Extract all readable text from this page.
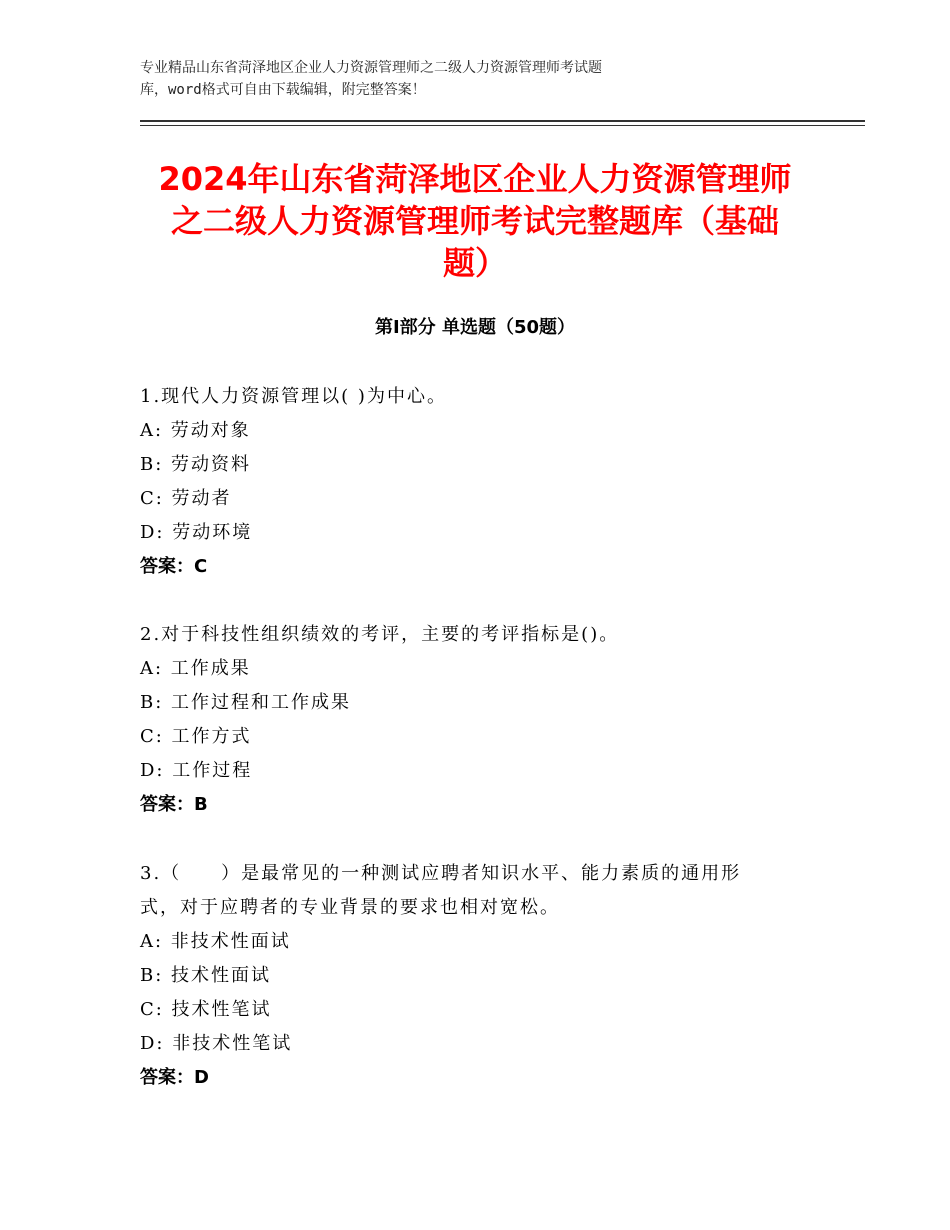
专业精品山东省菏泽地区企业人力资源管理师之二级人力资源管理师考试题
库，word格式可自由下载编辑，附完整答案！
2024年山东省菏泽地区企业人力资源管理师
之二级人力资源管理师考试完整题库（基础
题）
第Ⅰ部分 单选题（50题）
1.现代人力资源管理以( )为中心。
A: 劳动对象
B: 劳动资料
C: 劳动者
D: 劳动环境
答案：C
2.对于科技性组织绩效的考评，主要的考评指标是()。
A: 工作成果
B: 工作过程和工作成果
C: 工作方式
D: 工作过程
答案：B
3.（　　）是最常见的一种测试应聘者知识水平、能力素质的通用形
式，对于应聘者的专业背景的要求也相对宽松。
A: 非技术性面试
B: 技术性面试
C: 技术性笔试
D: 非技术性笔试
答案：D
